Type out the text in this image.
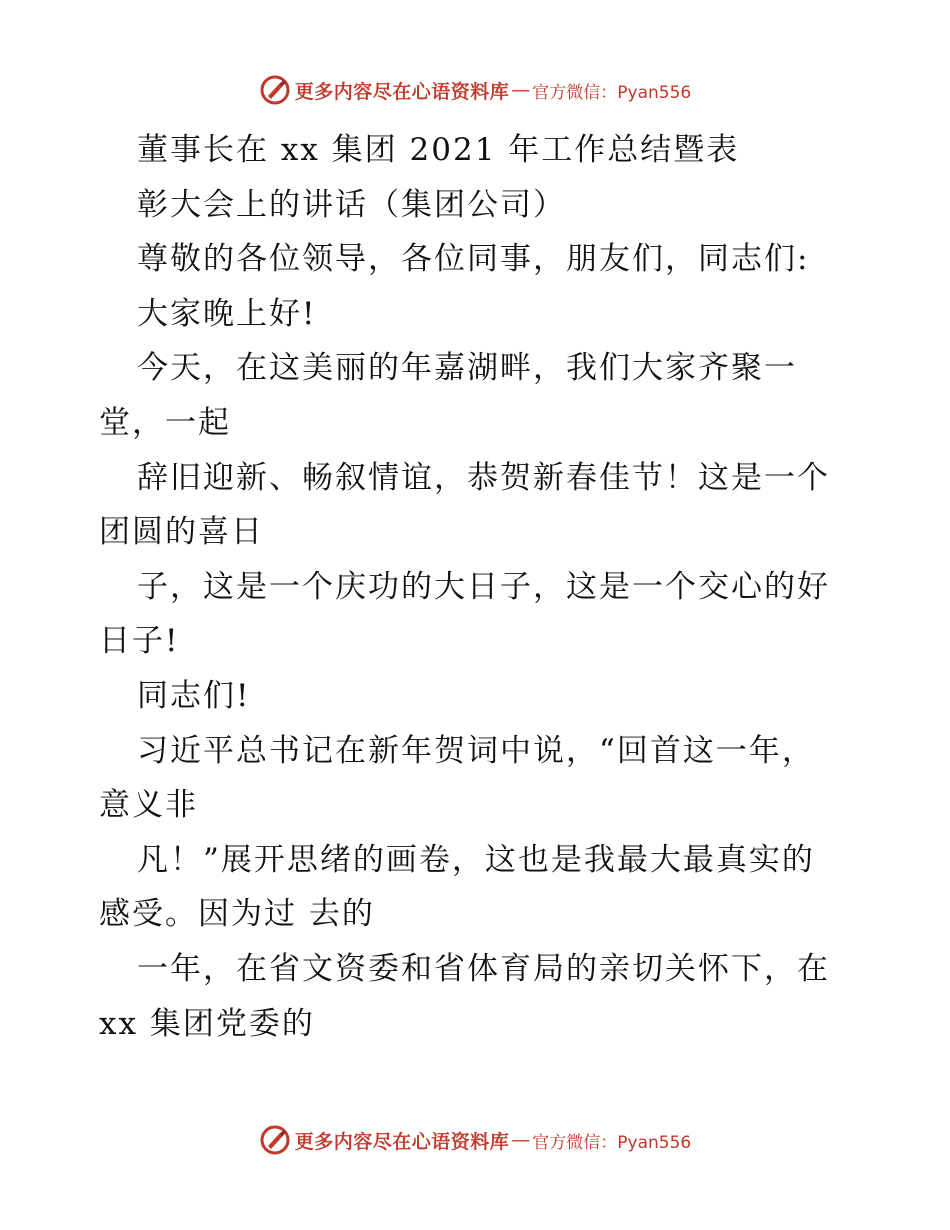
更多内容尽在心语资料库 — 官方微信：Pyan556
董事长在 xx 集团 2021 年工作总结暨表
彰大会上的讲话（集团公司）
尊敬的各位领导，各位同事，朋友们，同志们:
大家晚上好!
今天，在这美丽的年嘉湖畔，我们大家齐聚一
堂，一起
辞旧迎新、畅叙情谊，恭贺新春佳节！这是一个
团圆的喜日
子，这是一个庆功的大日子，这是一个交心的好
日子!
同志们!
习近平总书记在新年贺词中说，“回首这一年，
意义非
凡！”展开思绪的画卷，这也是我最大最真实的
感受。因为过 去的
一年，在省文资委和省体育局的亲切关怀下，在
xx 集团党委的
更多内容尽在心语资料库 — 官方微信：Pyan556
